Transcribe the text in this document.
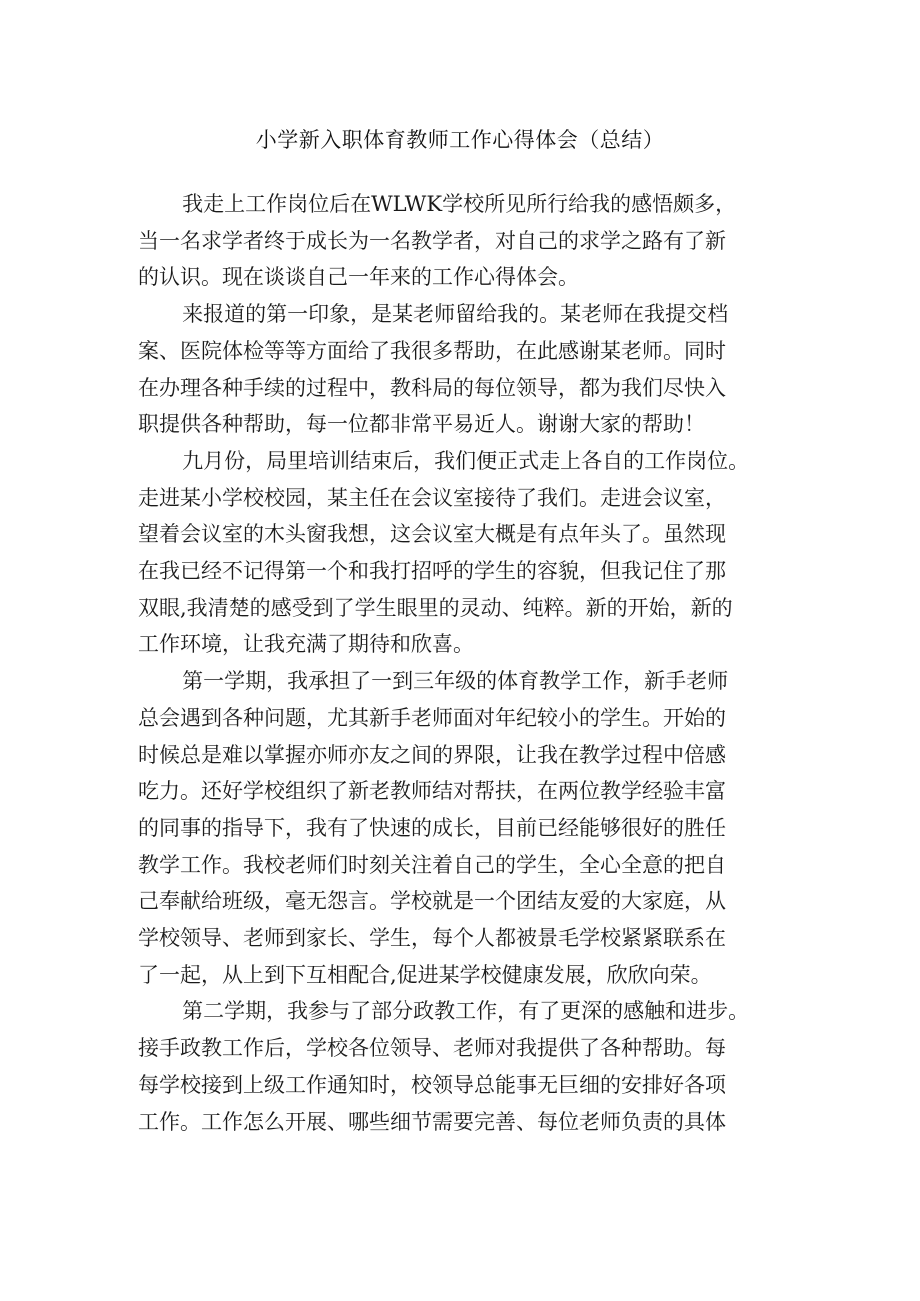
小学新入职体育教师工作心得体会（总结）

我走上工作岗位后在WLWK学校所见所行给我的感悟颇多，
当一名求学者终于成长为一名教学者，对自己的求学之路有了新
的认识。现在谈谈自己一年来的工作心得体会。

来报道的第一印象，是某老师留给我的。某老师在我提交档
案、医院体检等等方面给了我很多帮助，在此感谢某老师。同时
在办理各种手续的过程中，教科局的每位领导，都为我们尽快入
职提供各种帮助，每一位都非常平易近人。谢谢大家的帮助！

九月份，局里培训结束后，我们便正式走上各自的工作岗位。
走进某小学校校园，某主任在会议室接待了我们。走进会议室，
望着会议室的木头窗我想，这会议室大概是有点年头了。虽然现
在我已经不记得第一个和我打招呼的学生的容貌，但我记住了那
双眼,我清楚的感受到了学生眼里的灵动、纯粹。新的开始，新的
工作环境，让我充满了期待和欣喜。

第一学期，我承担了一到三年级的体育教学工作，新手老师
总会遇到各种问题，尤其新手老师面对年纪较小的学生。开始的
时候总是难以掌握亦师亦友之间的界限，让我在教学过程中倍感
吃力。还好学校组织了新老教师结对帮扶，在两位教学经验丰富
的同事的指导下，我有了快速的成长，目前已经能够很好的胜任
教学工作。我校老师们时刻关注着自己的学生，全心全意的把自
己奉献给班级，毫无怨言。学校就是一个团结友爱的大家庭，从
学校领导、老师到家长、学生，每个人都被景毛学校紧紧联系在
了一起，从上到下互相配合,促进某学校健康发展，欣欣向荣。

第二学期，我参与了部分政教工作，有了更深的感触和进步。
接手政教工作后，学校各位领导、老师对我提供了各种帮助。每
每学校接到上级工作通知时，校领导总能事无巨细的安排好各项
工作。工作怎么开展、哪些细节需要完善、每位老师负责的具体
